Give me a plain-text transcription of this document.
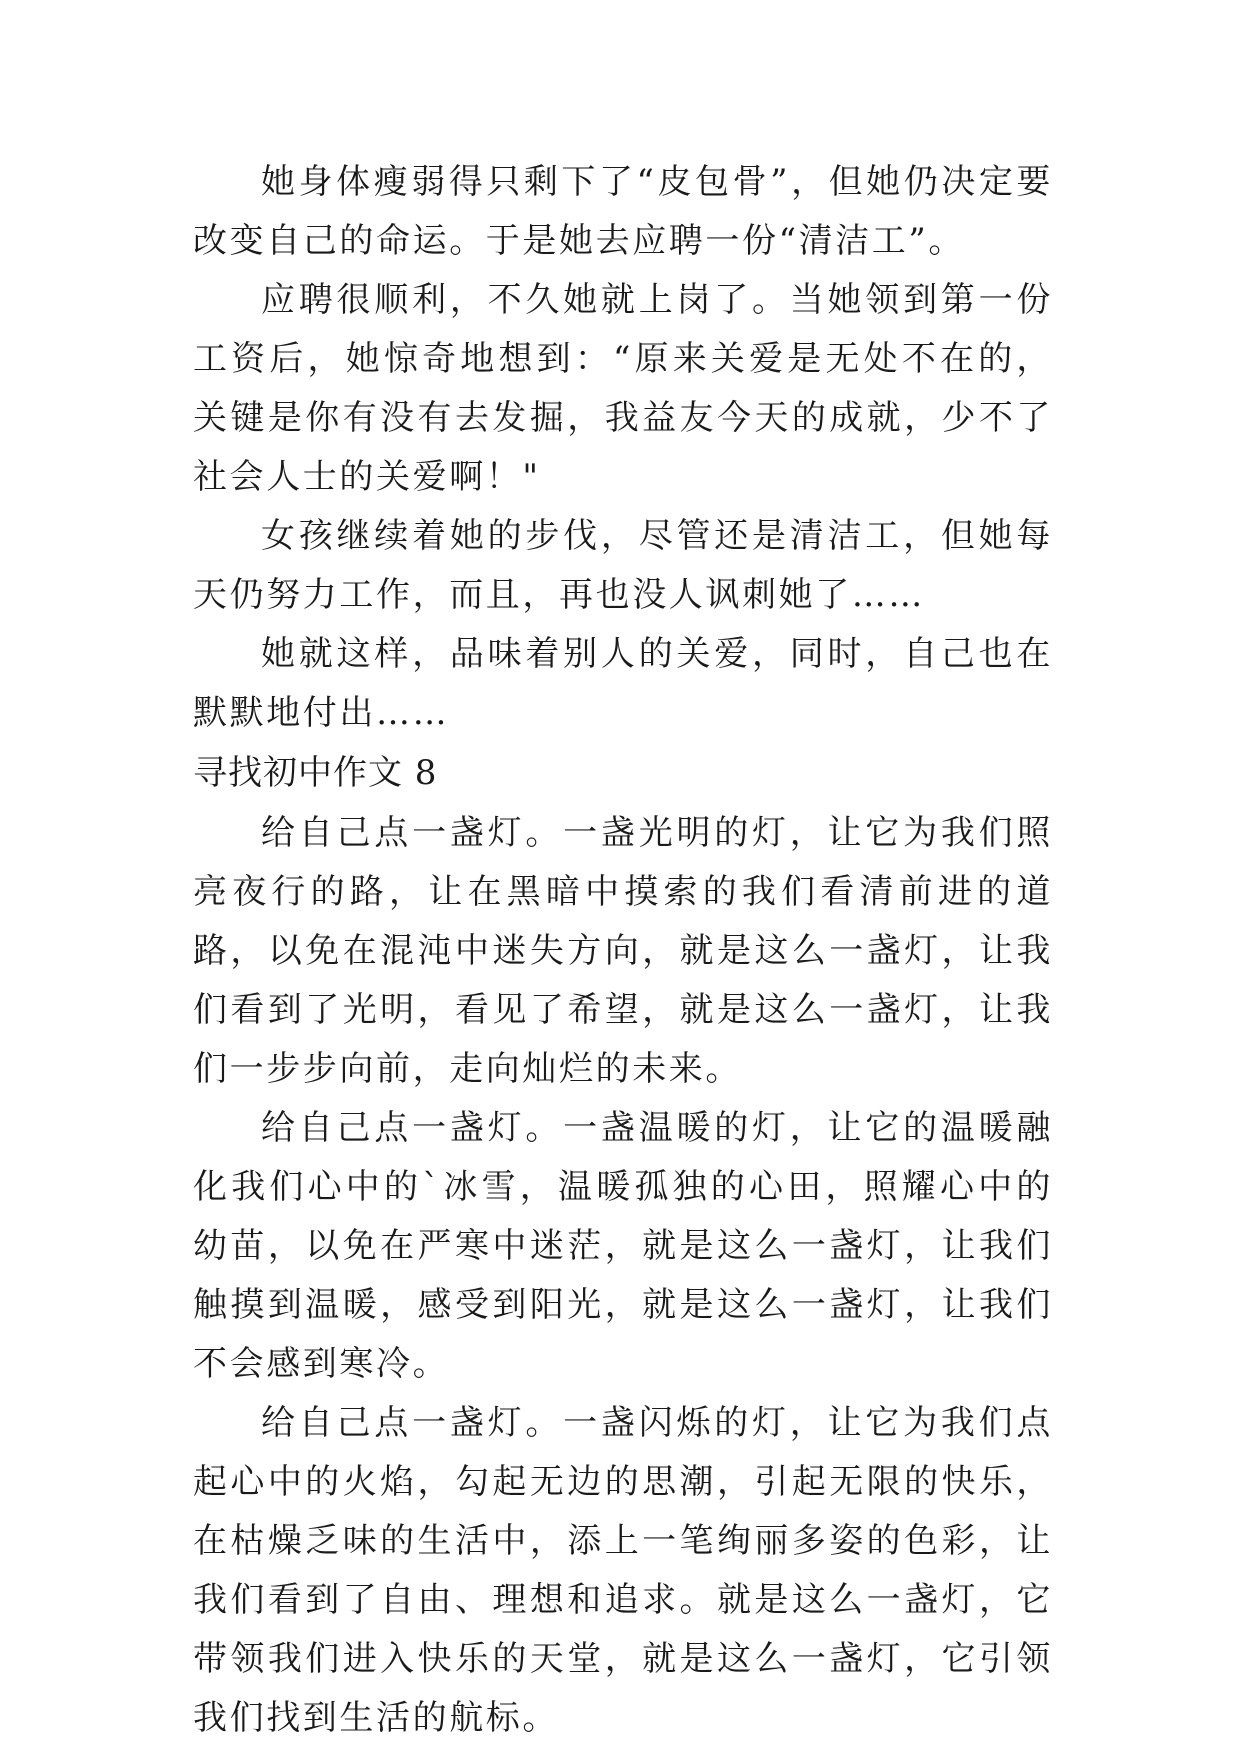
她身体瘦弱得只剩下了“皮包骨”，但她仍决定要改变自己的命运。于是她去应聘一份“清洁工”。

应聘很顺利，不久她就上岗了。当她领到第一份工资后，她惊奇地想到：“原来关爱是无处不在的，关键是你有没有去发掘，我益友今天的成就，少不了社会人士的关爱啊！"

女孩继续着她的步伐，尽管还是清洁工，但她每天仍努力工作，而且，再也没人讽刺她了……

她就这样，品味着别人的关爱，同时，自己也在默默地付出……

寻找初中作文 8

给自己点一盏灯。一盏光明的灯，让它为我们照亮夜行的路，让在黑暗中摸索的我们看清前进的道路，以免在混沌中迷失方向，就是这么一盏灯，让我们看到了光明，看见了希望，就是这么一盏灯，让我们一步步向前，走向灿烂的未来。

给自己点一盏灯。一盏温暖的灯，让它的温暖融化我们心中的`冰雪，温暖孤独的心田，照耀心中的幼苗，以免在严寒中迷茫，就是这么一盏灯，让我们触摸到温暖，感受到阳光，就是这么一盏灯，让我们不会感到寒冷。

给自己点一盏灯。一盏闪烁的灯，让它为我们点起心中的火焰，勾起无边的思潮，引起无限的快乐，在枯燥乏味的生活中，添上一笔绚丽多姿的色彩，让我们看到了自由、理想和追求。就是这么一盏灯，它带领我们进入快乐的天堂，就是这么一盏灯，它引领我们找到生活的航标。
